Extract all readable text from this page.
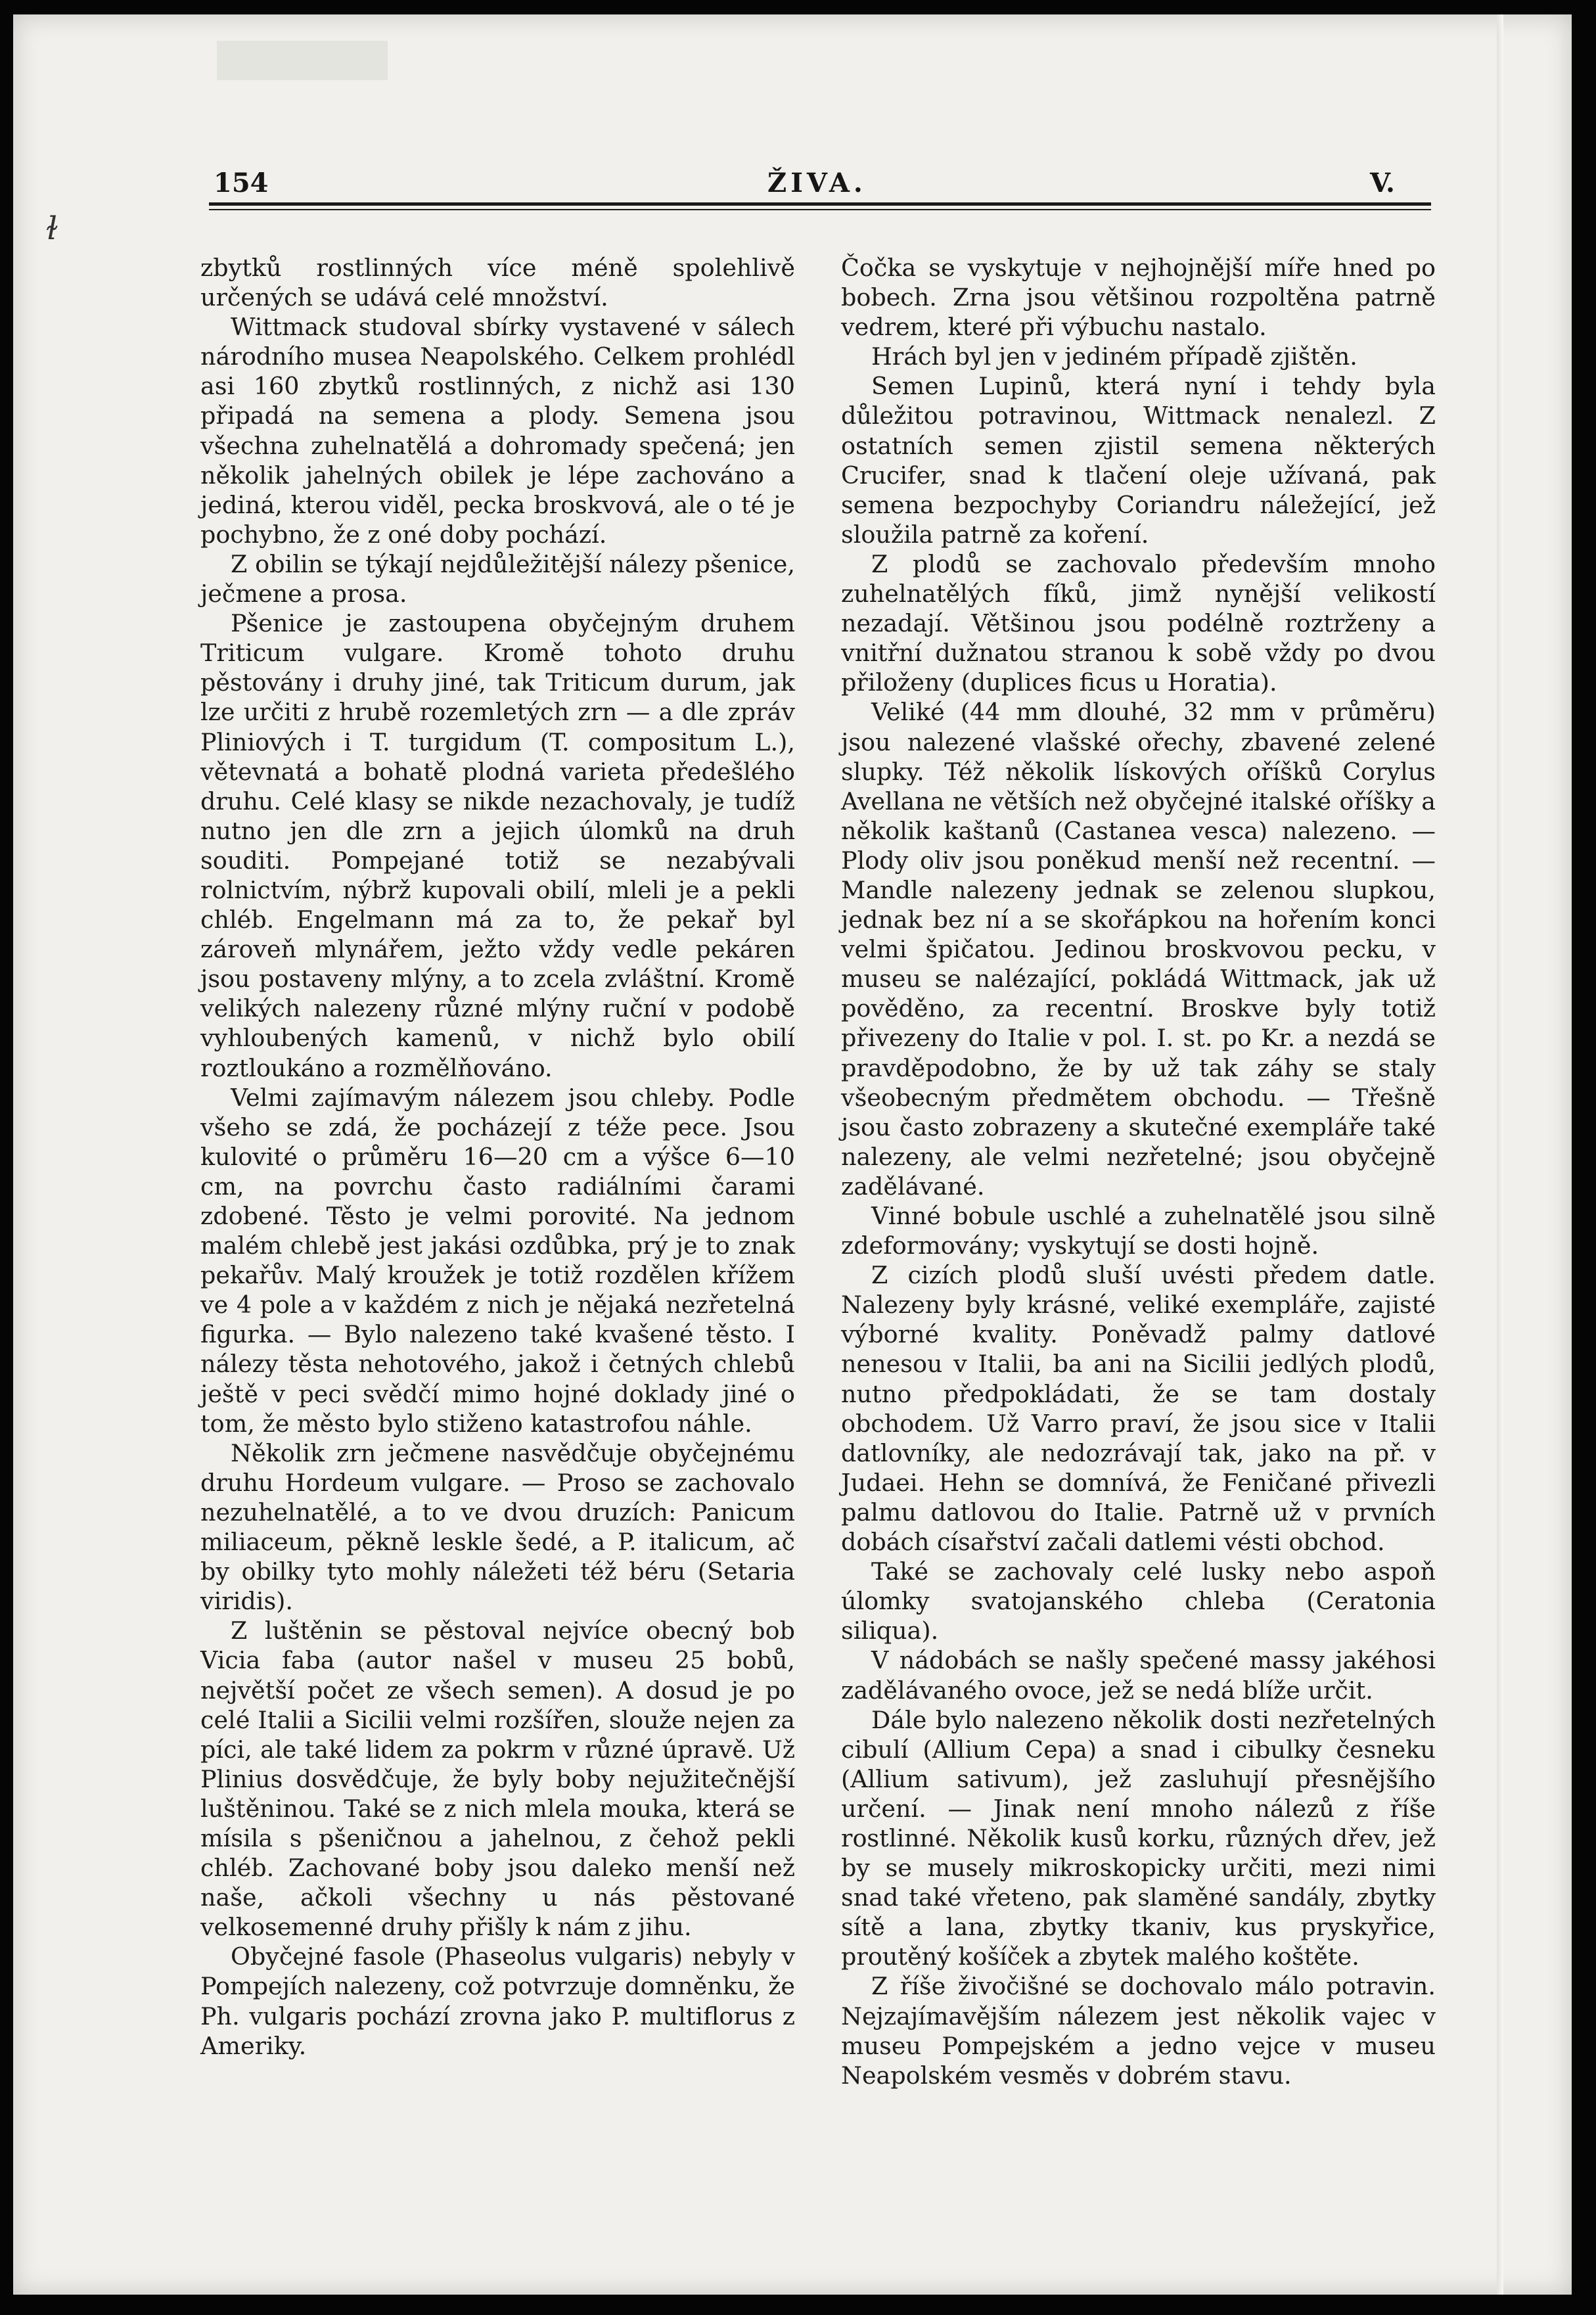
ɫ
154	ŽIVA.	V.

zbytků rostlinných více méně spolehlivě určených se udává celé množství.

Wittmack studoval sbírky vystavené v sálech národního musea Neapolského. Celkem prohlédl asi 160 zbytků rostlinných, z nichž asi 130 připadá na semena a plody. Semena jsou všechna zuhelnatělá a dohromady spečená; jen několik jahelných obilek je lépe zachováno a jediná, kterou viděl, pecka broskvová, ale o té je pochybno, že z oné doby pochází.

Z obilin se týkají nejdůležitější nálezy pšenice, ječmene a prosa.

Pšenice je zastoupena obyčejným druhem Triticum vulgare. Kromě tohoto druhu pěstovány i druhy jiné, tak Triticum durum, jak lze určiti z hrubě rozemletých zrn — a dle zpráv Pliniových i T. turgidum (T. compositum L.), větevnatá a bohatě plodná varieta předešlého druhu. Celé klasy se nikde nezachovaly, je tudíž nutno jen dle zrn a jejich úlomků na druh souditi. Pompejané totiž se nezabývali rolnictvím, nýbrž kupovali obilí, mleli je a pekli chléb. Engelmann má za to, že pekař byl zároveň mlynářem, ježto vždy vedle pekáren jsou postaveny mlýny, a to zcela zvláštní. Kromě velikých nalezeny různé mlýny ruční v podobě vyhloubených kamenů, v nichž bylo obilí roztloukáno a rozmělňováno.

Velmi zajímavým nálezem jsou chleby. Podle všeho se zdá, že pocházejí z téže pece. Jsou kulovité o průměru 16—20 cm a výšce 6—10 cm, na povrchu často radiálními čarami zdobené. Těsto je velmi porovité. Na jednom malém chlebě jest jakási ozdůbka, prý je to znak pekařův. Malý kroužek je totiž rozdělen křížem ve 4 pole a v každém z nich je nějaká nezřetelná figurka. — Bylo nalezeno také kvašené těsto. I nálezy těsta nehotového, jakož i četných chlebů ještě v peci svědčí mimo hojné doklady jiné o tom, že město bylo stiženo katastrofou náhle.

Několik zrn ječmene nasvědčuje obyčejnému druhu Hordeum vulgare. — Proso se zachovalo nezuhelnatělé, a to ve dvou druzích: Panicum miliaceum, pěkně leskle šedé, a P. italicum, ač by obilky tyto mohly náležeti též béru (Setaria viridis).

Z luštěnin se pěstoval nejvíce obecný bob Vicia faba (autor našel v museu 25 bobů, největší počet ze všech semen). A dosud je po celé Italii a Sicilii velmi rozšířen, slouže nejen za píci, ale také lidem za pokrm v různé úpravě. Už Plinius dosvědčuje, že byly boby nejužitečnější luštěninou. Také se z nich mlela mouka, která se mísila s pšeničnou a jahelnou, z čehož pekli chléb. Zachované boby jsou daleko menší než naše, ačkoli všechny u nás pěstované velkosemenné druhy přišly k nám z jihu.

Obyčejné fasole (Phaseolus vulgaris) nebyly v Pompejích nalezeny, což potvrzuje domněnku, že Ph. vulgaris pochází zrovna jako P. multiflorus z Ameriky.

Čočka se vyskytuje v nejhojnější míře hned po bobech. Zrna jsou většinou rozpoltěna patrně vedrem, které při výbuchu nastalo.

Hrách byl jen v jediném případě zjištěn.

Semen Lupinů, která nyní i tehdy byla důležitou potravinou, Wittmack nenalezl. Z ostatních semen zjistil semena některých Crucifer, snad k tlačení oleje užívaná, pak semena bezpochyby Coriandru náležející, jež sloužila patrně za koření.

Z plodů se zachovalo především mnoho zuhelnatělých fíků, jimž nynější velikostí nezadají. Většinou jsou podélně roztrženy a vnitřní dužnatou stranou k sobě vždy po dvou přiloženy (duplices ficus u Horatia).

Veliké (44 mm dlouhé, 32 mm v průměru) jsou nalezené vlašské ořechy, zbavené zelené slupky. Též několik lískových oříšků Corylus Avellana ne větších než obyčejné italské oříšky a několik kaštanů (Castanea vesca) nalezeno. — Plody oliv jsou poněkud menší než recentní. — Mandle nalezeny jednak se zelenou slupkou, jednak bez ní a se skořápkou na hořením konci velmi špičatou. Jedinou broskvovou pecku, v museu se nalézající, pokládá Wittmack, jak už pověděno, za recentní. Broskve byly totiž přivezeny do Italie v pol. I. st. po Kr. a nezdá se pravděpodobno, že by už tak záhy se staly všeobecným předmětem obchodu. — Třešně jsou často zobrazeny a skutečné exempláře také nalezeny, ale velmi nezřetelné; jsou obyčejně zadělávané.

Vinné bobule uschlé a zuhelnatělé jsou silně zdeformovány; vyskytují se dosti hojně.

Z cizích plodů sluší uvésti předem datle. Nalezeny byly krásné, veliké exempláře, zajisté výborné kvality. Poněvadž palmy datlové nenesou v Italii, ba ani na Sicilii jedlých plodů, nutno předpokládati, že se tam dostaly obchodem. Už Varro praví, že jsou sice v Italii datlovníky, ale nedozrávají tak, jako na př. v Judaei. Hehn se domnívá, že Feničané přivezli palmu datlovou do Italie. Patrně už v prvních dobách císařství začali datlemi vésti obchod.

Také se zachovaly celé lusky nebo aspoň úlomky svatojanského chleba (Ceratonia siliqua).

V nádobách se našly spečené massy jakéhosi zadělávaného ovoce, jež se nedá blíže určit.

Dále bylo nalezeno několik dosti nezřetelných cibulí (Allium Cepa) a snad i cibulky česneku (Allium sativum), jež zasluhují přesnějšího určení. — Jinak není mnoho nálezů z říše rostlinné. Několik kusů korku, různých dřev, jež by se musely mikroskopicky určiti, mezi nimi snad také vřeteno, pak slaměné sandály, zbytky sítě a lana, zbytky tkaniv, kus pryskyřice, proutěný košíček a zbytek malého koštěte.

Z říše živočišné se dochovalo málo potravin. Nejzajímavějším nálezem jest několik vajec v museu Pompejském a jedno vejce v museu Neapolském vesměs v dobrém stavu.
